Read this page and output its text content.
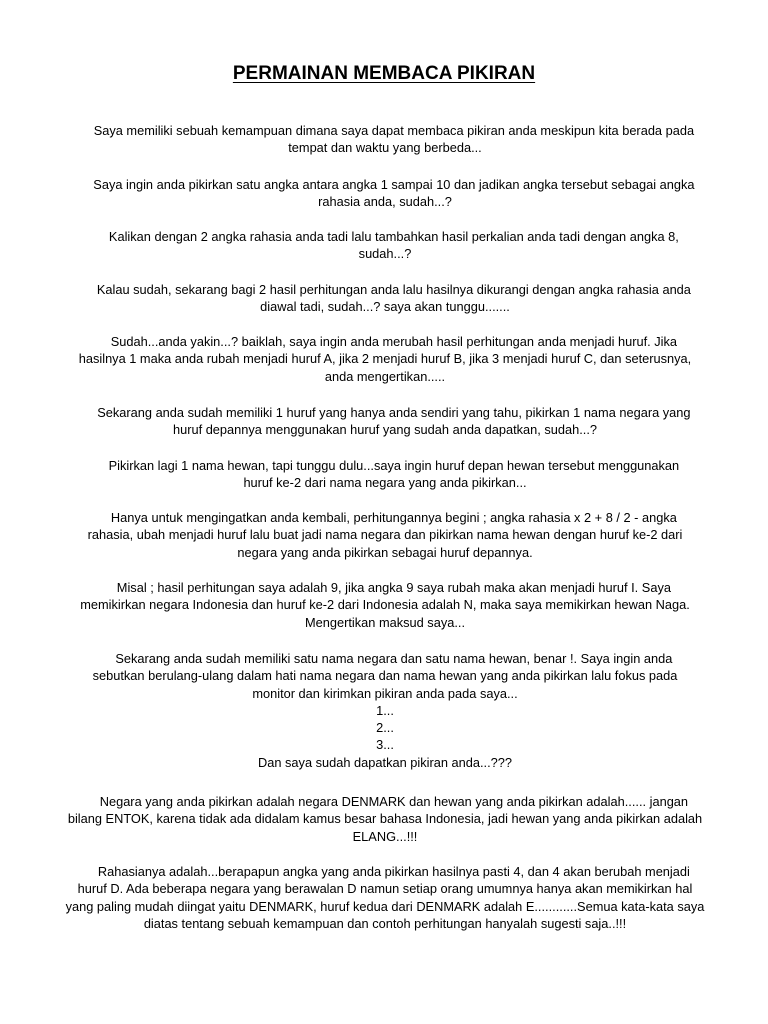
PERMAINAN MEMBACA PIKIRAN
Saya memiliki sebuah kemampuan dimana saya dapat membaca pikiran anda meskipun kita berada pada
tempat dan waktu yang berbeda...
Saya ingin anda pikirkan satu angka antara angka 1 sampai 10 dan jadikan angka tersebut sebagai angka
rahasia anda, sudah...?
Kalikan dengan 2 angka rahasia anda tadi lalu tambahkan hasil perkalian anda tadi dengan angka 8,
sudah...?
Kalau sudah, sekarang bagi 2 hasil perhitungan anda lalu hasilnya dikurangi dengan angka rahasia anda
diawal tadi, sudah...? saya akan tunggu.......
Sudah...anda yakin...? baiklah, saya ingin anda merubah hasil perhitungan anda menjadi huruf. Jika
hasilnya 1 maka anda rubah menjadi huruf A, jika 2 menjadi huruf B, jika 3 menjadi huruf C, dan seterusnya,
anda mengertikan.....
Sekarang anda sudah memiliki 1 huruf yang hanya anda sendiri yang tahu, pikirkan 1 nama negara yang
huruf depannya menggunakan huruf yang sudah anda dapatkan, sudah...?
Pikirkan lagi 1 nama hewan, tapi tunggu dulu...saya ingin huruf depan hewan tersebut menggunakan
huruf ke-2 dari nama negara yang anda pikirkan...
Hanya untuk mengingatkan anda kembali, perhitungannya begini ; angka rahasia x 2 + 8 / 2 - angka
rahasia, ubah menjadi huruf lalu buat jadi nama negara dan pikirkan nama hewan dengan huruf ke-2 dari
negara yang anda pikirkan sebagai huruf depannya.
Misal ; hasil perhitungan saya adalah 9, jika angka 9 saya rubah maka akan menjadi huruf I. Saya
memikirkan negara Indonesia dan huruf ke-2 dari Indonesia adalah N, maka saya memikirkan hewan Naga.
Mengertikan maksud saya...
Sekarang anda sudah memiliki satu nama negara dan satu nama hewan, benar !. Saya ingin anda
sebutkan berulang-ulang dalam hati nama negara dan nama hewan yang anda pikirkan lalu fokus pada
monitor dan kirimkan pikiran anda pada saya...
1...
2...
3...
Dan saya sudah dapatkan pikiran anda...???
Negara yang anda pikirkan adalah negara DENMARK dan hewan yang anda pikirkan adalah...... jangan
bilang ENTOK, karena tidak ada didalam kamus besar bahasa Indonesia, jadi hewan yang anda pikirkan adalah
ELANG...!!!
Rahasianya adalah...berapapun angka yang anda pikirkan hasilnya pasti 4, dan 4 akan berubah menjadi
huruf D. Ada beberapa negara yang berawalan D namun setiap orang umumnya hanya akan memikirkan hal
yang paling mudah diingat yaitu DENMARK, huruf kedua dari DENMARK adalah E............Semua kata-kata saya
diatas tentang sebuah kemampuan dan contoh perhitungan hanyalah sugesti saja..!!!
